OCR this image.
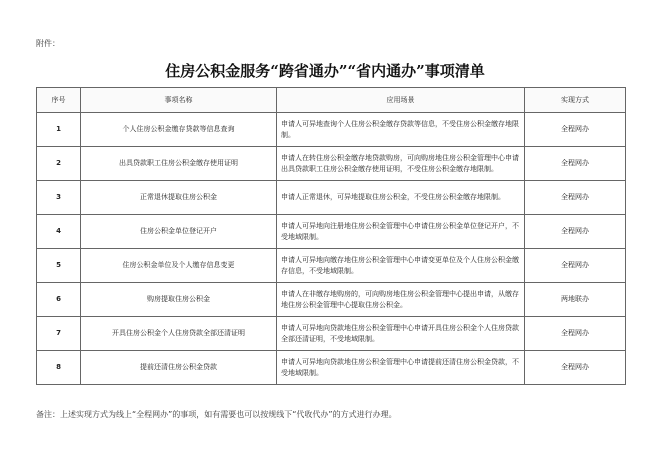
附件：
住房公积金服务“跨省通办”“省内通办”事项清单
序号	事项名称	应用场景	实现方式
1	个人住房公积金缴存贷款等信息查询	申请人可异地查询个人住房公积金缴存贷款等信息，不受住房公积金缴存地限制。	全程网办
2	出具贷款职工住房公积金缴存使用证明	申请人在转住房公积金缴存地贷款购房，可向购房地住房公积金管理中心申请出具贷款职工住房公积金缴存使用证明，不受住房公积金缴存地限制。	全程网办
3	正常退休提取住房公积金	申请人正常退休，可异地提取住房公积金，不受住房公积金缴存地限制。	全程网办
4	住房公积金单位登记开户	申请人可异地向注册地住房公积金管理中心申请住房公积金单位登记开户，不受地域限制。	全程网办
5	住房公积金单位及个人缴存信息变更	申请人可异地向缴存地住房公积金管理中心申请变更单位及个人住房公积金缴存信息，不受地域限制。	全程网办
6	购房提取住房公积金	申请人在非缴存地购房的，可向购房地住房公积金管理中心提出申请，从缴存地住房公积金管理中心提取住房公积金。	两地联办
7	开具住房公积金个人住房贷款全部还清证明	申请人可异地向贷款地住房公积金管理中心申请开具住房公积金个人住房贷款全部还清证明，不受地域限制。	全程网办
8	提前还清住房公积金贷款	申请人可异地向贷款地住房公积金管理中心申请提前还清住房公积金贷款，不受地域限制。	全程网办
备注：上述实现方式为线上“全程网办”的事项，如有需要也可以按规线下“代收代办”的方式进行办理。
